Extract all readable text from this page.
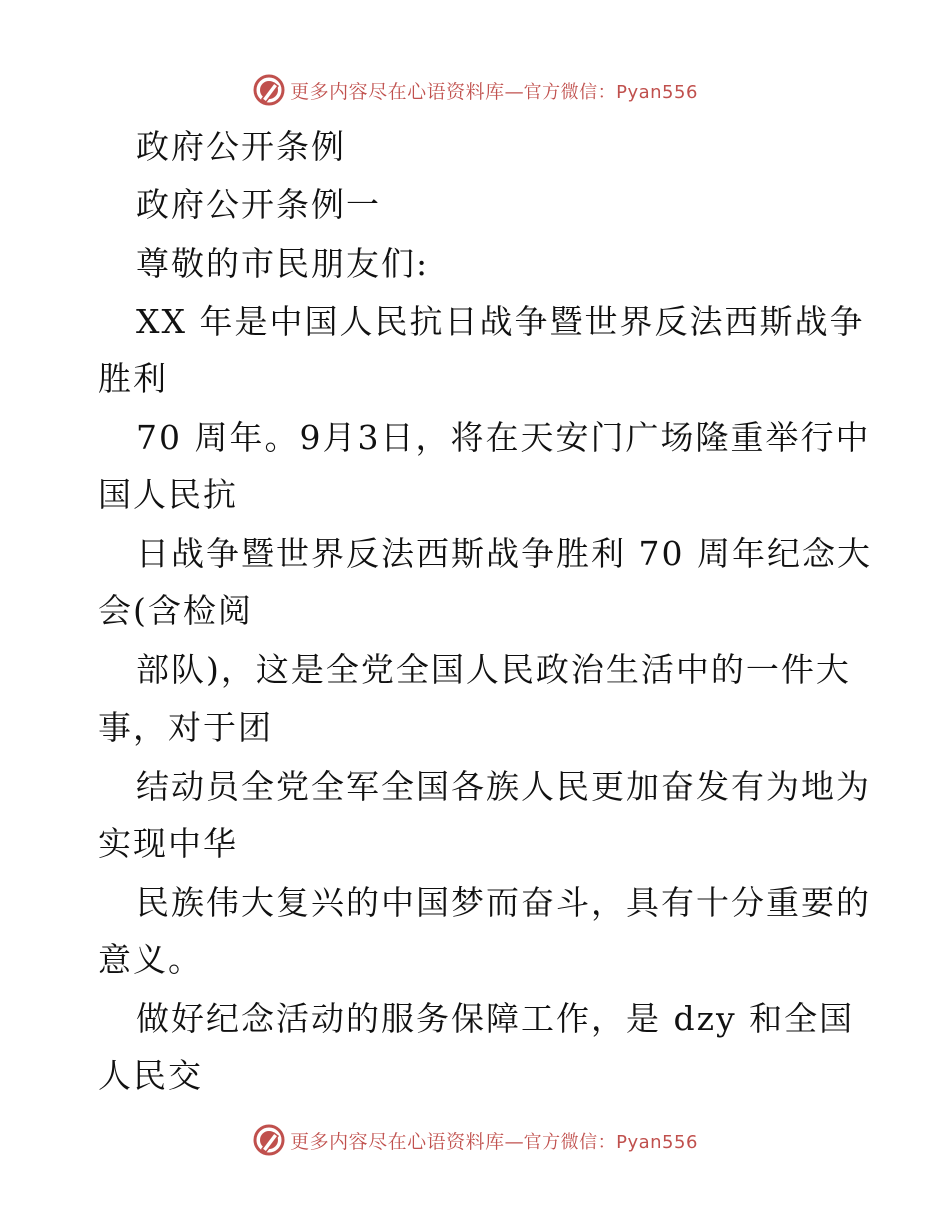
更多内容尽在心语资料库—官方微信：Pyan556
政府公开条例
政府公开条例一
尊敬的市民朋友们:
XX 年是中国人民抗日战争暨世界反法西斯战争
胜利
70 周年。9月3日，将在天安门广场隆重举行中
国人民抗
日战争暨世界反法西斯战争胜利 70 周年纪念大
会(含检阅
部队)，这是全党全国人民政治生活中的一件大
事，对于团
结动员全党全军全国各族人民更加奋发有为地为
实现中华
民族伟大复兴的中国梦而奋斗，具有十分重要的
意义。
做好纪念活动的服务保障工作，是 dzy 和全国
人民交
更多内容尽在心语资料库—官方微信：Pyan556
